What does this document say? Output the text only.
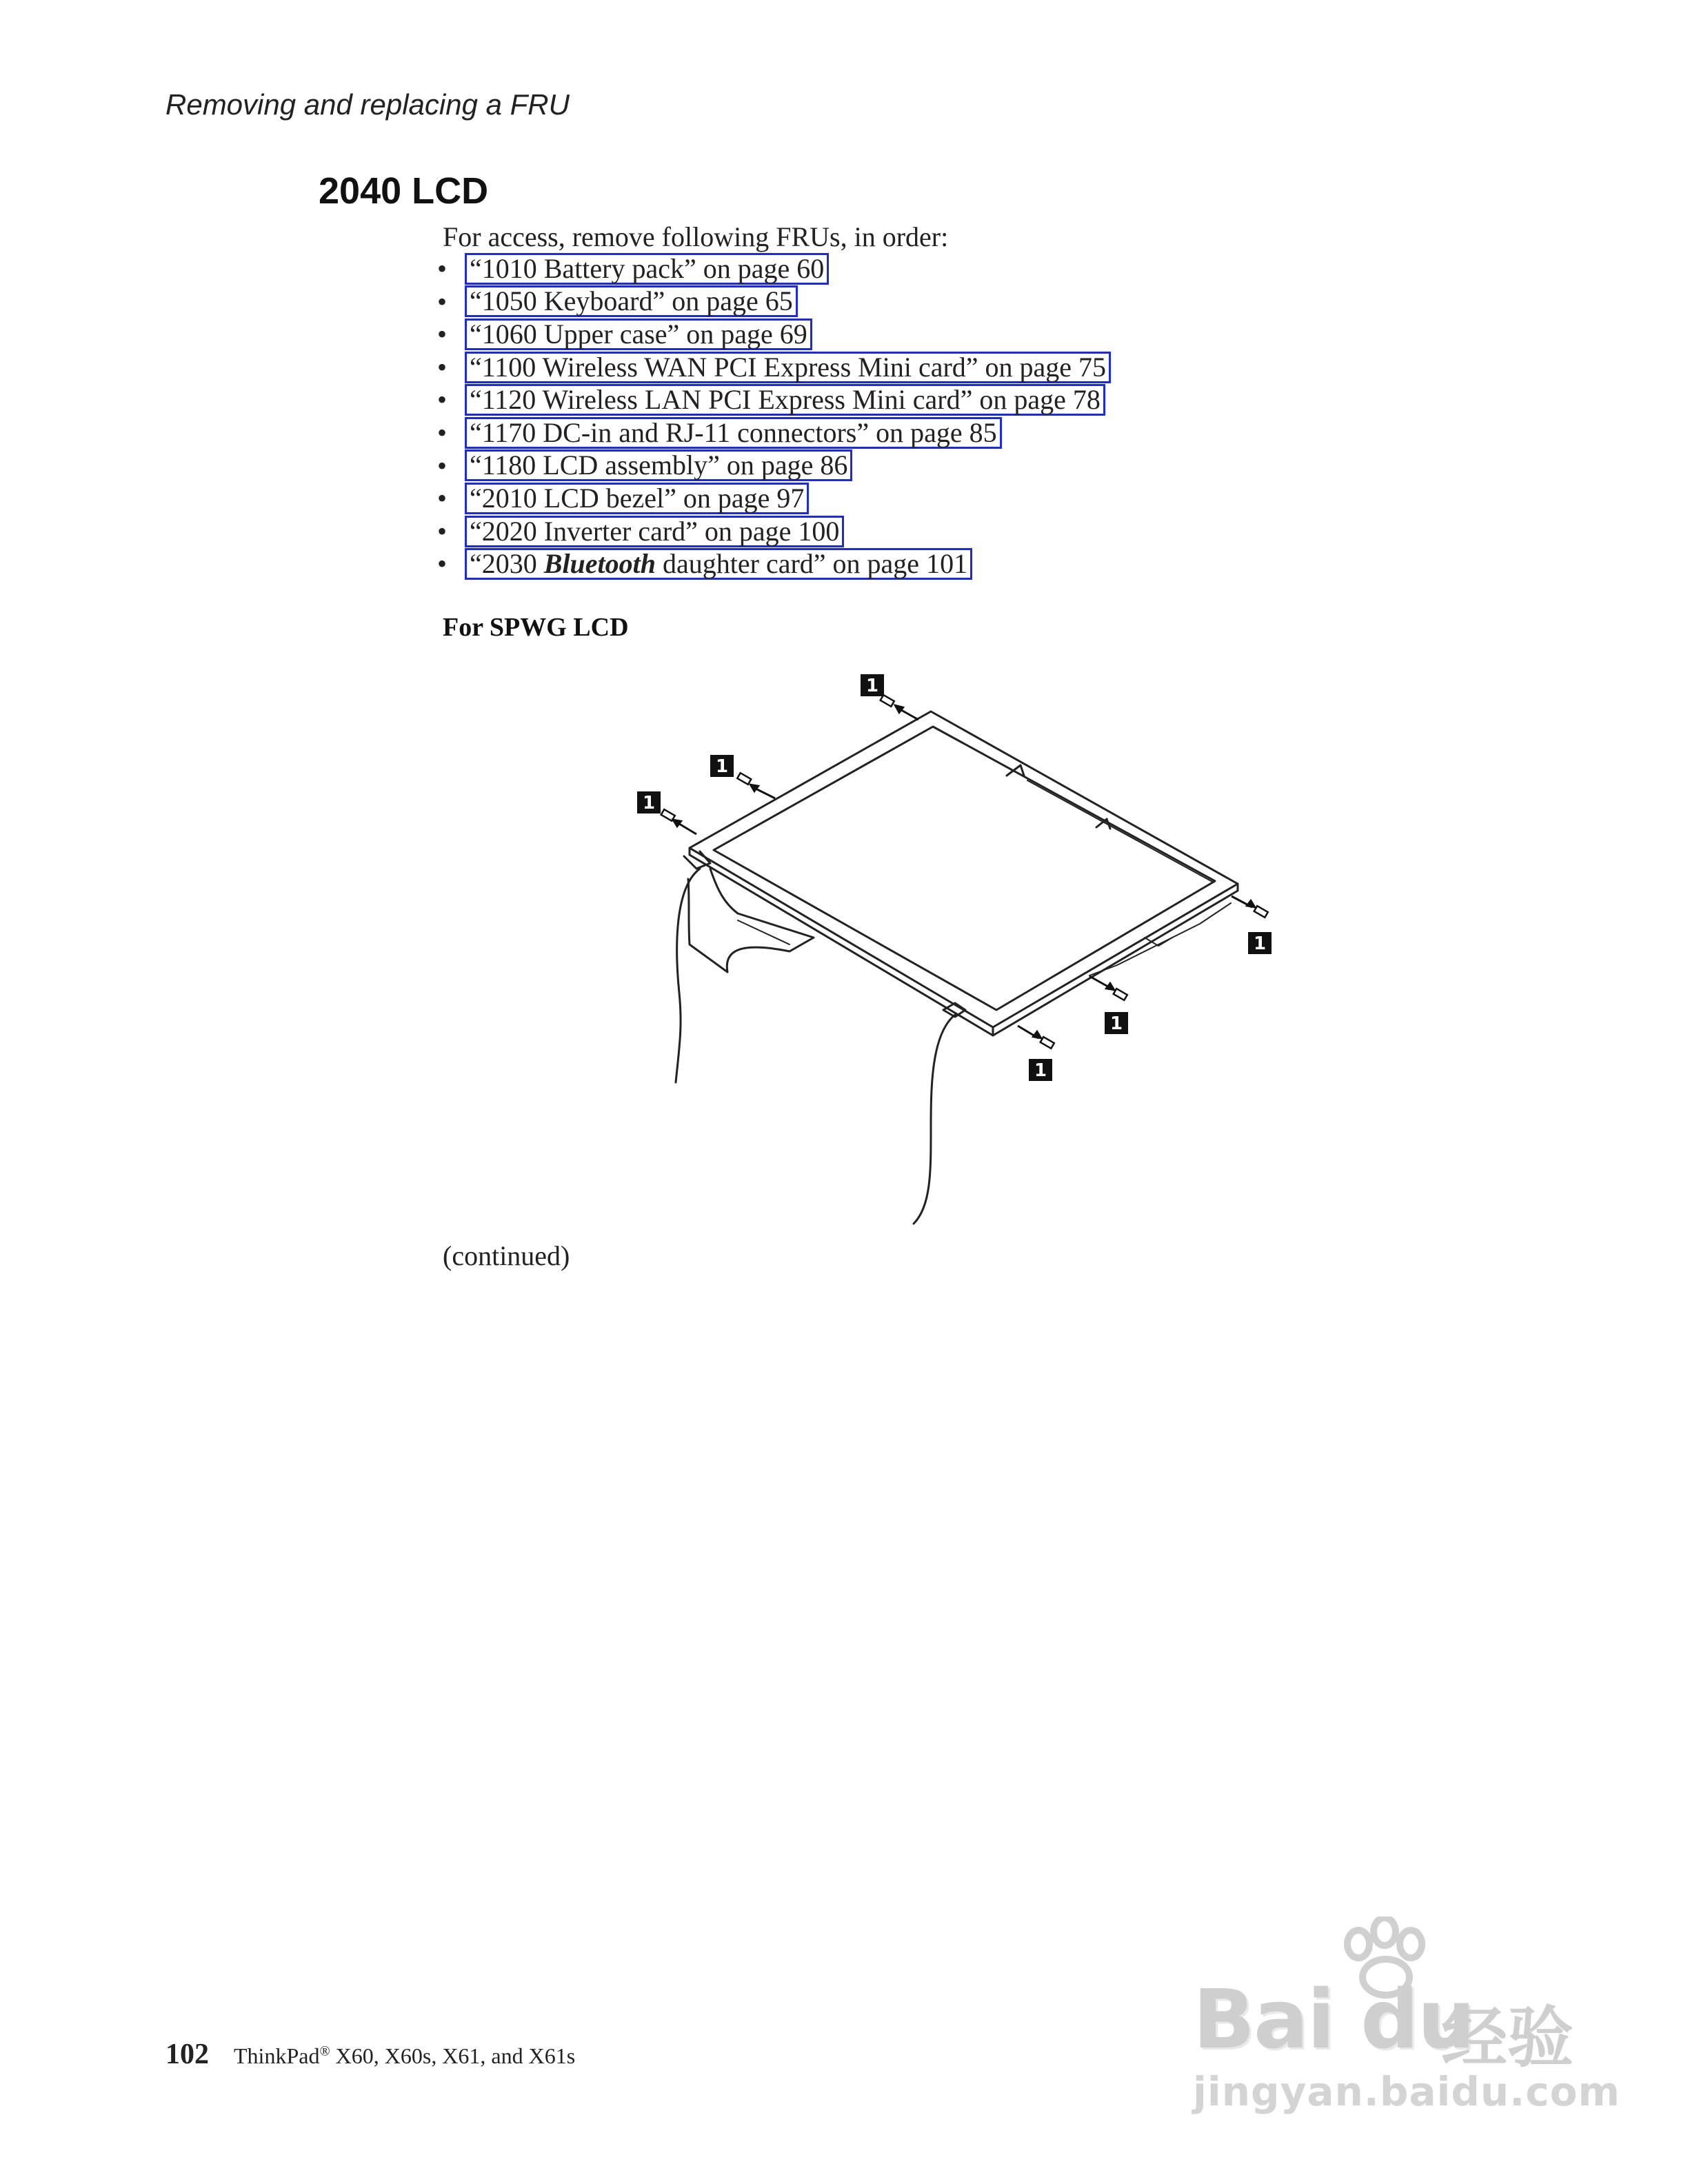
Removing and replacing a FRU
2040 LCD
For access, remove following FRUs, in order:
• “1010 Battery pack” on page 60
• “1050 Keyboard” on page 65
• “1060 Upper case” on page 69
• “1100 Wireless WAN PCI Express Mini card” on page 75
• “1120 Wireless LAN PCI Express Mini card” on page 78
• “1170 DC-in and RJ-11 connectors” on page 85
• “1180 LCD assembly” on page 86
• “2010 LCD bezel” on page 97
• “2020 Inverter card” on page 100
• “2030 Bluetooth daughter card” on page 101
For SPWG LCD
1
1
1
1
1
1
(continued)
102 ThinkPad® X60, X60s, X61, and X61s	Bai du
经验
jingyan.baidu.com
